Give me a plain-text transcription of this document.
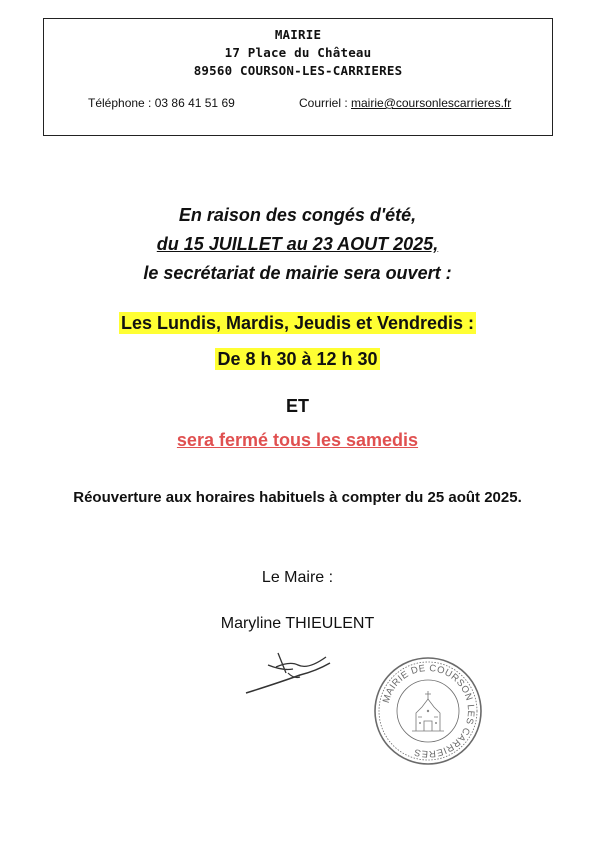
MAIRIE
17 Place du Château
89560 COURSON-LES-CARRIERES
Téléphone : 03 86 41 51 69	Courriel : mairie@coursonlescarrieres.fr
En raison des congés d'été,
du 15 JUILLET au 23 AOUT 2025,
le secrétariat de mairie sera ouvert :
Les Lundis, Mardis, Jeudis et Vendredis :
De 8 h 30 à 12 h 30
ET
sera fermé tous les samedis
Réouverture aux horaires habituels à compter du 25 août 2025.
Le Maire :
Maryline THIEULENT
MAIRIE DE COURSON LES CARRIERES
